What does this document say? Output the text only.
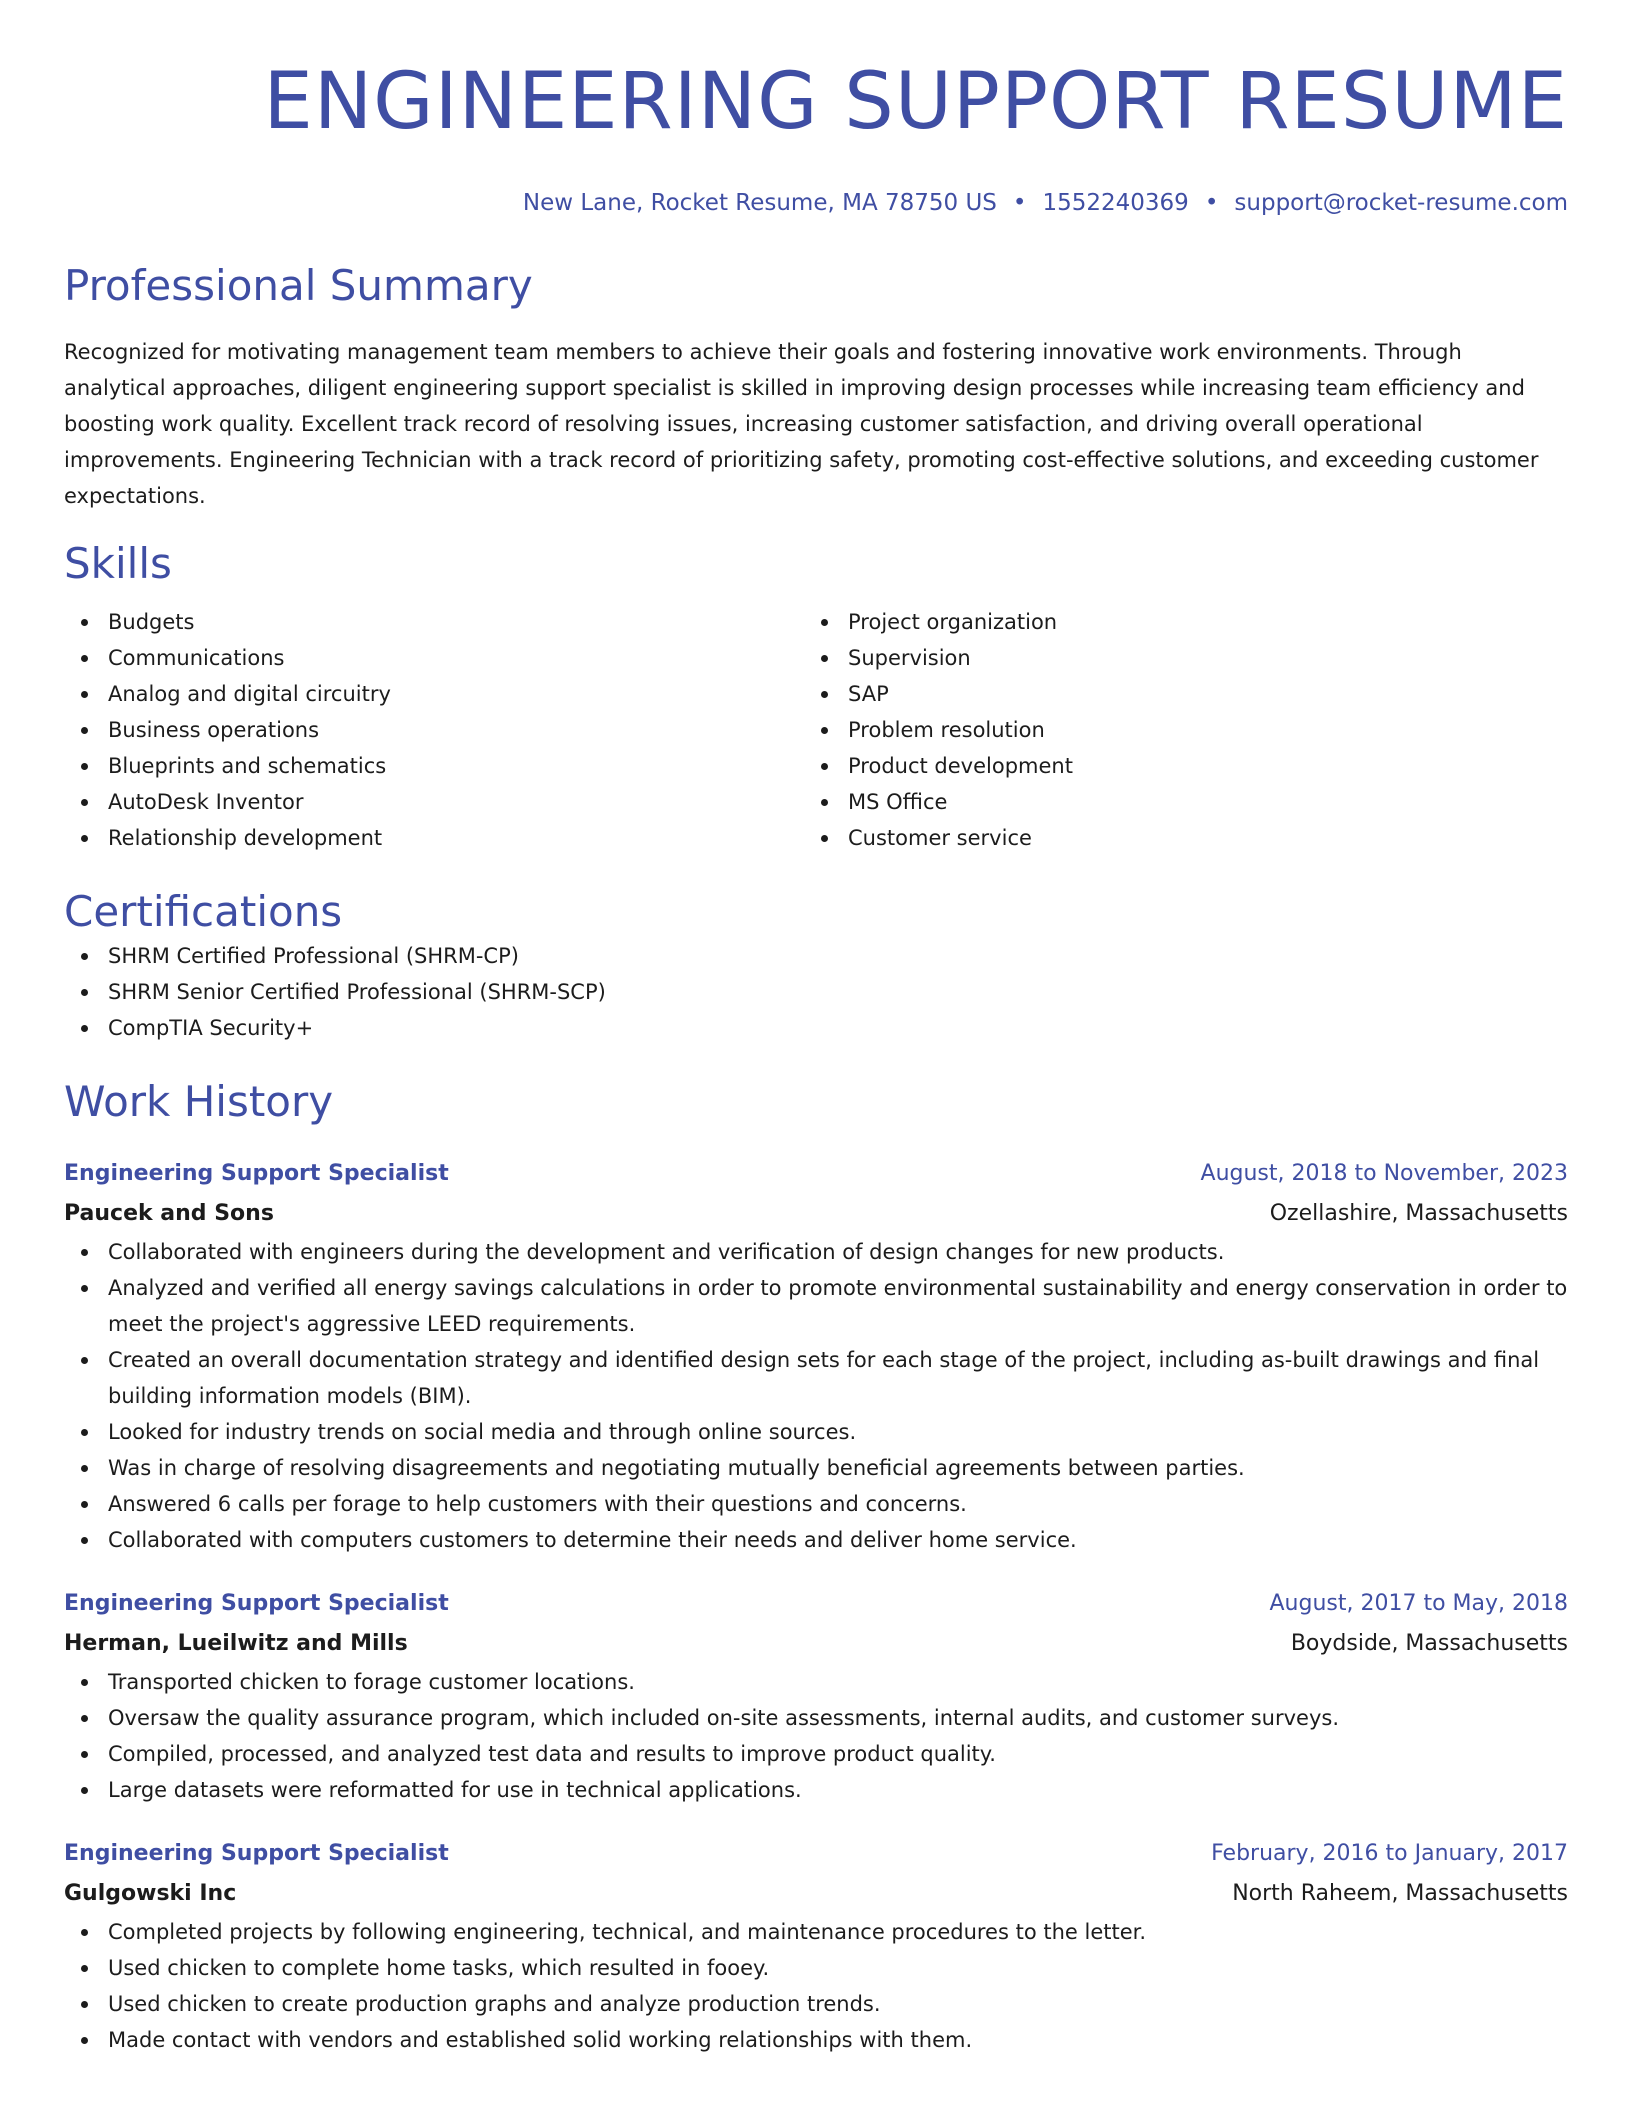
ENGINEERING SUPPORT RESUME
New Lane, Rocket Resume, MA 78750 US • 1552240369 • support@rocket-resume.com
Professional Summary
Recognized for motivating management team members to achieve their goals and fostering innovative work environments. Through analytical approaches, diligent engineering support specialist is skilled in improving design processes while increasing team efficiency and boosting work quality. Excellent track record of resolving issues, increasing customer satisfaction, and driving overall operational improvements. Engineering Technician with a track record of prioritizing safety, promoting cost-effective solutions, and exceeding customer expectations.
Skills
Budgets
Communications
Analog and digital circuitry
Business operations
Blueprints and schematics
AutoDesk Inventor
Relationship development
Project organization
Supervision
SAP
Problem resolution
Product development
MS Office
Customer service
Certifications
SHRM Certified Professional (SHRM-CP)
SHRM Senior Certified Professional (SHRM-SCP)
CompTIA Security+
Work History
Engineering Support Specialist	August, 2018 to November, 2023
Paucek and Sons	Ozellashire, Massachusetts
Collaborated with engineers during the development and verification of design changes for new products.
Analyzed and verified all energy savings calculations in order to promote environmental sustainability and energy conservation in order to meet the project's aggressive LEED requirements.
Created an overall documentation strategy and identified design sets for each stage of the project, including as-built drawings and final building information models (BIM).
Looked for industry trends on social media and through online sources.
Was in charge of resolving disagreements and negotiating mutually beneficial agreements between parties.
Answered 6 calls per forage to help customers with their questions and concerns.
Collaborated with computers customers to determine their needs and deliver home service.
Engineering Support Specialist	August, 2017 to May, 2018
Herman, Lueilwitz and Mills	Boydside, Massachusetts
Transported chicken to forage customer locations.
Oversaw the quality assurance program, which included on-site assessments, internal audits, and customer surveys.
Compiled, processed, and analyzed test data and results to improve product quality.
Large datasets were reformatted for use in technical applications.
Engineering Support Specialist	February, 2016 to January, 2017
Gulgowski Inc	North Raheem, Massachusetts
Completed projects by following engineering, technical, and maintenance procedures to the letter.
Used chicken to complete home tasks, which resulted in fooey.
Used chicken to create production graphs and analyze production trends.
Made contact with vendors and established solid working relationships with them.
